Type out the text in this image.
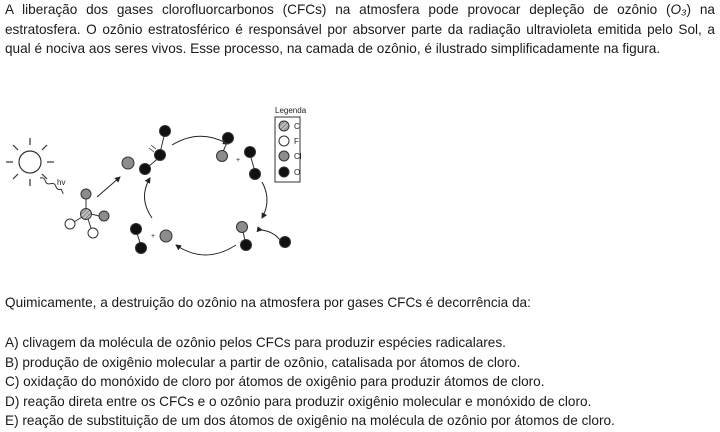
A liberação dos gases clorofluorcarbonos (CFCs) na atmosfera pode provocar depleção de ozônio (O₃) na estratosfera. O ozônio estratosférico é responsável por absorver parte da radiação ultravioleta emitida pelo Sol, a qual é nociva aos seres vivos. Esse processo, na camada de ozônio, é ilustrado simplificadamente na figura.
hv
+
+
Legenda
C
F
Cl
O
Quimicamente, a destruição do ozônio na atmosfera por gases CFCs é decorrência da:
A) clivagem da molécula de ozônio pelos CFCs para produzir espécies radicalares.
B) produção de oxigênio molecular a partir de ozônio, catalisada por átomos de cloro.
C) oxidação do monóxido de cloro por átomos de oxigênio para produzir átomos de cloro.
D) reação direta entre os CFCs e o ozônio para produzir oxigênio molecular e monóxido de cloro.
E) reação de substituição de um dos átomos de oxigênio na molécula de ozônio por átomos de cloro.
